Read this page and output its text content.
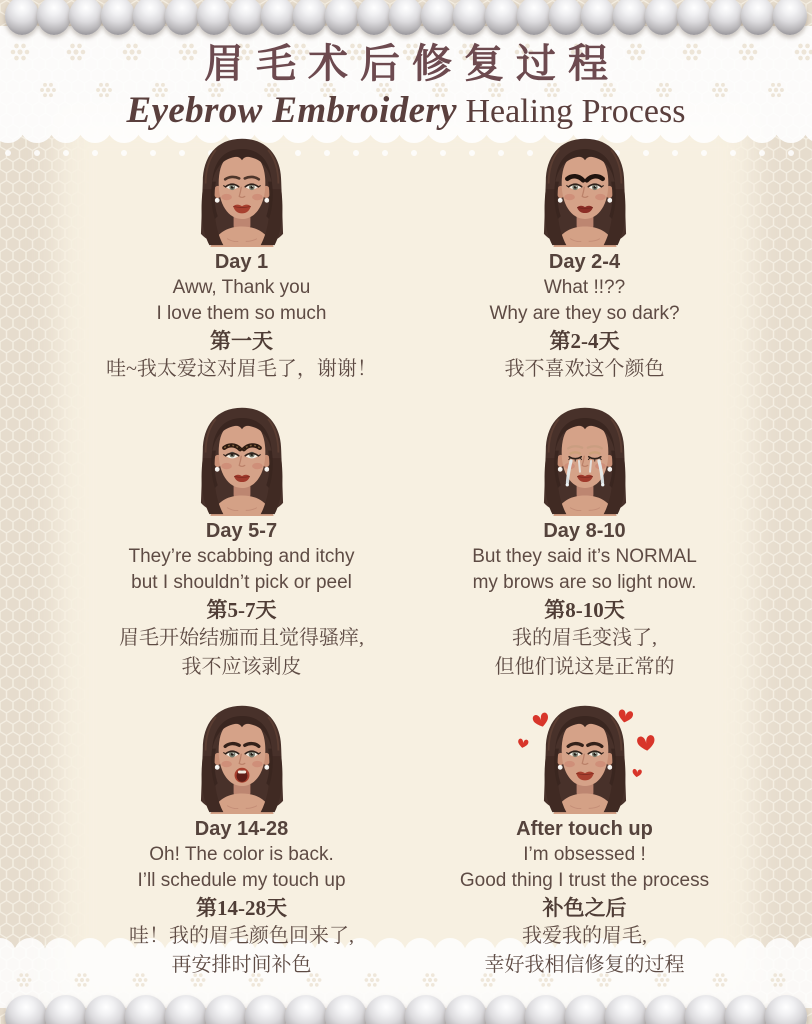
眉毛术后修复过程
Eyebrow Embroidery Healing Process
Day 1

Aww, Thank you

I love them so much

第一天

哇~我太爱这对眉毛了，谢谢！

Day 2-4

What !!??

Why are they so dark?

第2-4天

我不喜欢这个颜色

Day 5-7

They’re scabbing and itchy

but I shouldn’t pick or peel

第5-7天

眉毛开始结痂而且觉得骚痒,

我不应该剥皮

Day 8-10

But they said it’s NORMAL

my brows are so light now.

第8-10天

我的眉毛变浅了,

但他们说这是正常的

Day 14-28

Oh! The color is back.

I’ll schedule my touch up

第14-28天

哇！我的眉毛颜色回来了,

再安排时间补色

After touch up

I’m obsessed !

Good thing I trust the process

补色之后

我爱我的眉毛,

幸好我相信修复的过程
